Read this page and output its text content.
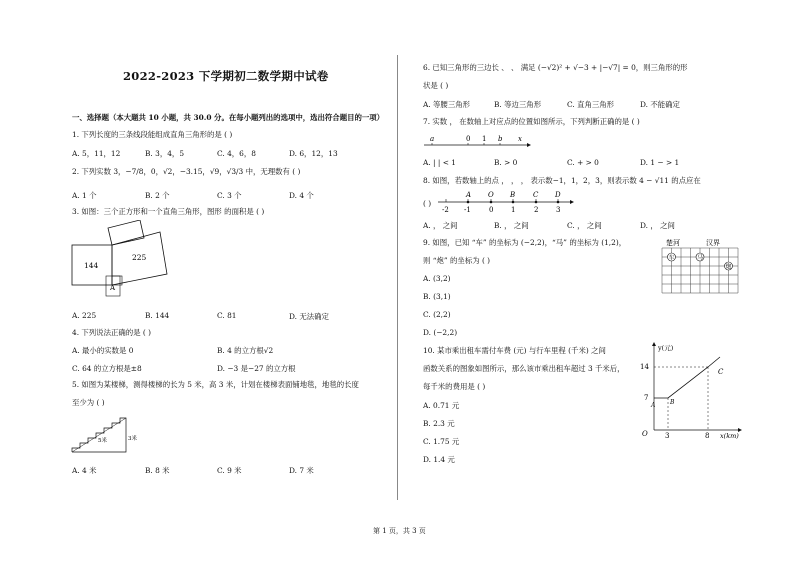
2022-2023 下学期初二数学期中试卷
一、选择题（本大题共 10 小题，共 30.0 分。在每小题列出的选项中，选出符合题目的一项）
1. 下列长度的三条线段能组成直角三角形的是 ( )
A. 5，11，12	B. 3，4，5	C. 4，6，8	D. 6，12，13
2. 下列实数 3，−7/8，0，√2，−3.15，√9，√3/3 中，无理数有 ( )
A. 1 个	B. 2 个	C. 3 个	D. 4 个
3. 如图：三个正方形和一个直角三角形，图形 的面积是 ( )
144
225
A
A. 225	B. 144	C. 81	D. 无法确定
4. 下列说法正确的是 ( )
A. 最小的实数是 0	B. 4 的立方根√2
C. 64 的立方根是±8	D. −3 是−27 的立方根
5. 如图为某楼梯，测得楼梯的长为 5 米，高 3 米，计划在楼梯表面铺地毯，地毯的长度
至少为 ( )
5米	3米
A. 4 米	B. 8 米	C. 9 米	D. 7 米
6. 已知三角形的三边长 、 、 满足 (−√2)² + √−3 + |−√7| = 0，则三角形的形
状是 ( )
A. 等腰三角形	B. 等边三角形	C. 直角三角形	D. 不能确定
7. 实数 ， 在数轴上对应点的位置如图所示，下列判断正确的是 ( )
a	0 1 b x
A. | | < 1	B. > 0	C. + > 0	D. 1 − > 1
8. 如图，若数轴上的点 ， ， ， 表示数−1，1，2，3，则表示数 4 − √11 的点应在
( )
A O B	C D
-2 -1	0	1	2	3
A. ， 之间	B. ， 之间	C. ， 之间	D. ， 之间
9. 如图，已知 “车” 的坐标为 (−2,2)，“马” 的坐标为 (1,2)，
则 “炮” 的坐标为 ( )
楚河	汉界
车	马
炮
A. (3,2)
B. (3,1)
C. (2,2)
D. (−2,2)
10. 某市乘出租车需付车费 (元) 与行车里程 (千米) 之间
函数关系的图象如图所示，那么该市乘出租车超过 3 千米后，
每千米的费用是 ( )
A. 0.71 元
B. 2.3 元
C. 1.75 元
D. 1.4 元
y(元)
x(km)
O
7
14
3	8
A B
C
第 1 页，共 3 页
